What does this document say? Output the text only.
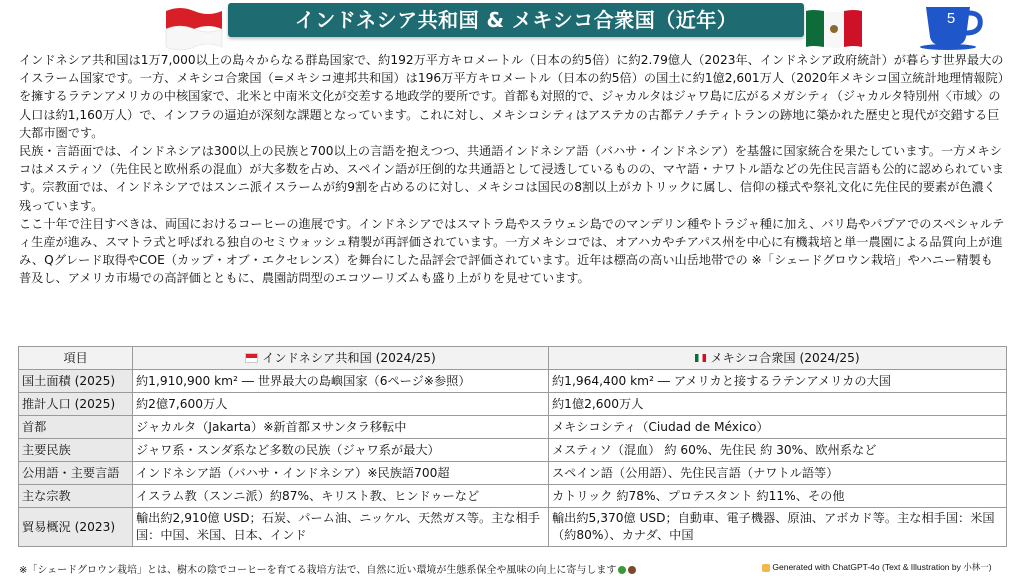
インドネシア共和国 & メキシコ合衆国（近年）	5

インドネシア共和国は1万7,000以上の島々からなる群島国家で、約192万平方キロメートル（日本の約5倍）に約2.79億人（2023年、インドネシア政府統計）が暮らす世界最大のイスラーム国家です。一方、メキシコ合衆国（=メキシコ連邦共和国）は196万平方キロメートル（日本の約5倍）の国土に約1億2,601万人（2020年メキシコ国立統計地理情報院）を擁するラテンアメリカの中核国家で、北米と中南米文化が交差する地政学的要所です。首都も対照的で、ジャカルタはジャワ島に広がるメガシティ（ジャカルタ特別州〈市域〉の人口は約1,160万人）で、インフラの逼迫が深刻な課題となっています。これに対し、メキシコシティはアステカの古都テノチティトランの跡地に築かれた歴史と現代が交錯する巨大都市圏です。

民族・言語面では、インドネシアは300以上の民族と700以上の言語を抱えつつ、共通語インドネシア語（バハサ・インドネシア）を基盤に国家統合を果たしています。一方メキシコはメスティソ（先住民と欧州系の混血）が大多数を占め、スペイン語が圧倒的な共通語として浸透しているものの、マヤ語・ナワトル語などの先住民言語も公的に認められています。宗教面では、インドネシアではスンニ派イスラームが約9割を占めるのに対し、メキシコは国民の8割以上がカトリックに属し、信仰の様式や祭礼文化に先住民的要素が色濃く残っています。

ここ十年で注目すべきは、両国におけるコーヒーの進展です。インドネシアではスマトラ島やスラウェシ島でのマンデリン種やトラジャ種に加え、バリ島やパプアでのスペシャルティ生産が進み、スマトラ式と呼ばれる独自のセミウォッシュ精製が再評価されています。一方メキシコでは、オアハカやチアパス州を中心に有機栽培と単一農園による品質向上が進み、Qグレード取得やCOE（カップ・オブ・エクセレンス）を舞台にした品評会で評価されています。近年は標高の高い山岳地帯での ※「シェードグロウン栽培」やハニー精製も普及し、アメリカ市場での高評価とともに、農園訪問型のエコツーリズムも盛り上がりを見せています。

項目	インドネシア共和国 (2024/25)	メキシコ合衆国 (2024/25)
国土面積 (2025)	約1,910,900 km² ― 世界最大の島嶼国家（6ページ※参照）	約1,964,400 km² ― アメリカと接するラテンアメリカの大国
推計人口 (2025)	約2億7,600万人	約1億2,600万人
首都	ジャカルタ（Jakarta）※新首都ヌサンタラ移転中	メキシコシティ（Ciudad de México）
主要民族	ジャワ系・スンダ系など多数の民族（ジャワ系が最大）	メスティソ（混血） 約 60%、先住民 約 30%、欧州系など
公用語・主要言語	インドネシア語（バハサ・インドネシア）※民族語700超	スペイン語（公用語）、先住民言語（ナワトル語等）
主な宗教	イスラム教（スンニ派）約87%、キリスト教、ヒンドゥーなど	カトリック 約78%、プロテスタント 約11%、その他
貿易概況 (2023)	輸出約2,910億 USD；石炭、パーム油、ニッケル、天然ガス等。主な相手国：中国、米国、日本、インド	輸出約5,370億 USD；自動車、電子機器、原油、アボカド等。主な相手国：米国（約80%）、カナダ、中国
※「シェードグロウン栽培」とは、樹木の陰でコーヒーを育てる栽培方法で、自然に近い環境が生態系保全や風味の向上に寄与します	Generated with ChatGPT-4o (Text & Illustration by 小林一)
